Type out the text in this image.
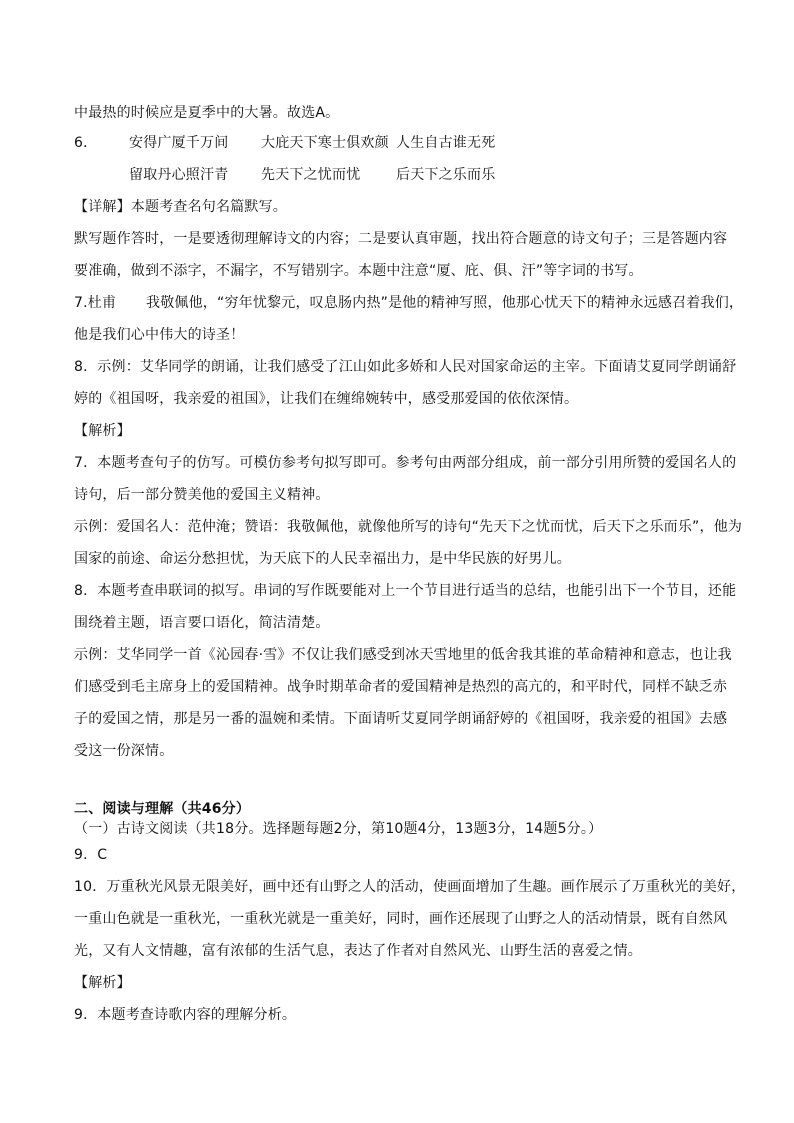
中最热的时候应是夏季中的大暑。故选A。
6． 安得广厦千万间 大庇天下寒士俱欢颜 人生自古谁无死
留取丹心照汗青 先天下之忧而忧	后天下之乐而乐
【详解】本题考查名句名篇默写。
默写题作答时，一是要透彻理解诗文的内容；二是要认真审题，找出符合题意的诗文句子；三是答题内容
要准确，做到不添字，不漏字，不写错别字。本题中注意“厦、庇、俱、汗”等字词的书写。
7.杜甫 我敬佩他，“穷年忧黎元，叹息肠内热”是他的精神写照，他那心忧天下的精神永远感召着我们，
他是我们心中伟大的诗圣！
8．示例：艾华同学的朗诵，让我们感受了江山如此多娇和人民对国家命运的主宰。下面请艾夏同学朗诵舒
婷的《祖国呀，我亲爱的祖国》，让我们在缠绵婉转中，感受那爱国的依依深情。
【解析】
7．本题考查句子的仿写。可模仿参考句拟写即可。参考句由两部分组成，前一部分引用所赞的爱国名人的
诗句，后一部分赞美他的爱国主义精神。
示例：爱国名人：范仲淹；赞语：我敬佩他，就像他所写的诗句“先天下之忧而忧，后天下之乐而乐”，他为
国家的前途、命运分愁担忧，为天底下的人民幸福出力，是中华民族的好男儿。
8．本题考查串联词的拟写。串词的写作既要能对上一个节目进行适当的总结，也能引出下一个节目，还能
围绕着主题，语言要口语化，简洁清楚。
示例：艾华同学一首《沁园春·雪》不仅让我们感受到冰天雪地里的低舍我其谁的革命精神和意志，也让我
们感受到毛主席身上的爱国精神。战争时期革命者的爱国精神是热烈的高亢的，和平时代，同样不缺乏赤
子的爱国之情，那是另一番的温婉和柔情。下面请听艾夏同学朗诵舒婷的《祖国呀，我亲爱的祖国》去感
受这一份深情。
二、阅读与理解（共46分）
（一）古诗文阅读（共18分。选择题每题2分，第10题4分，13题3分，14题5分。）
9．C
10．万重秋光风景无限美好，画中还有山野之人的活动，使画面增加了生趣。画作展示了万重秋光的美好，
一重山色就是一重秋光，一重秋光就是一重美好，同时，画作还展现了山野之人的活动情景，既有自然风
光，又有人文情趣，富有浓郁的生活气息，表达了作者对自然风光、山野生活的喜爱之情。
【解析】
9．本题考查诗歌内容的理解分析。
